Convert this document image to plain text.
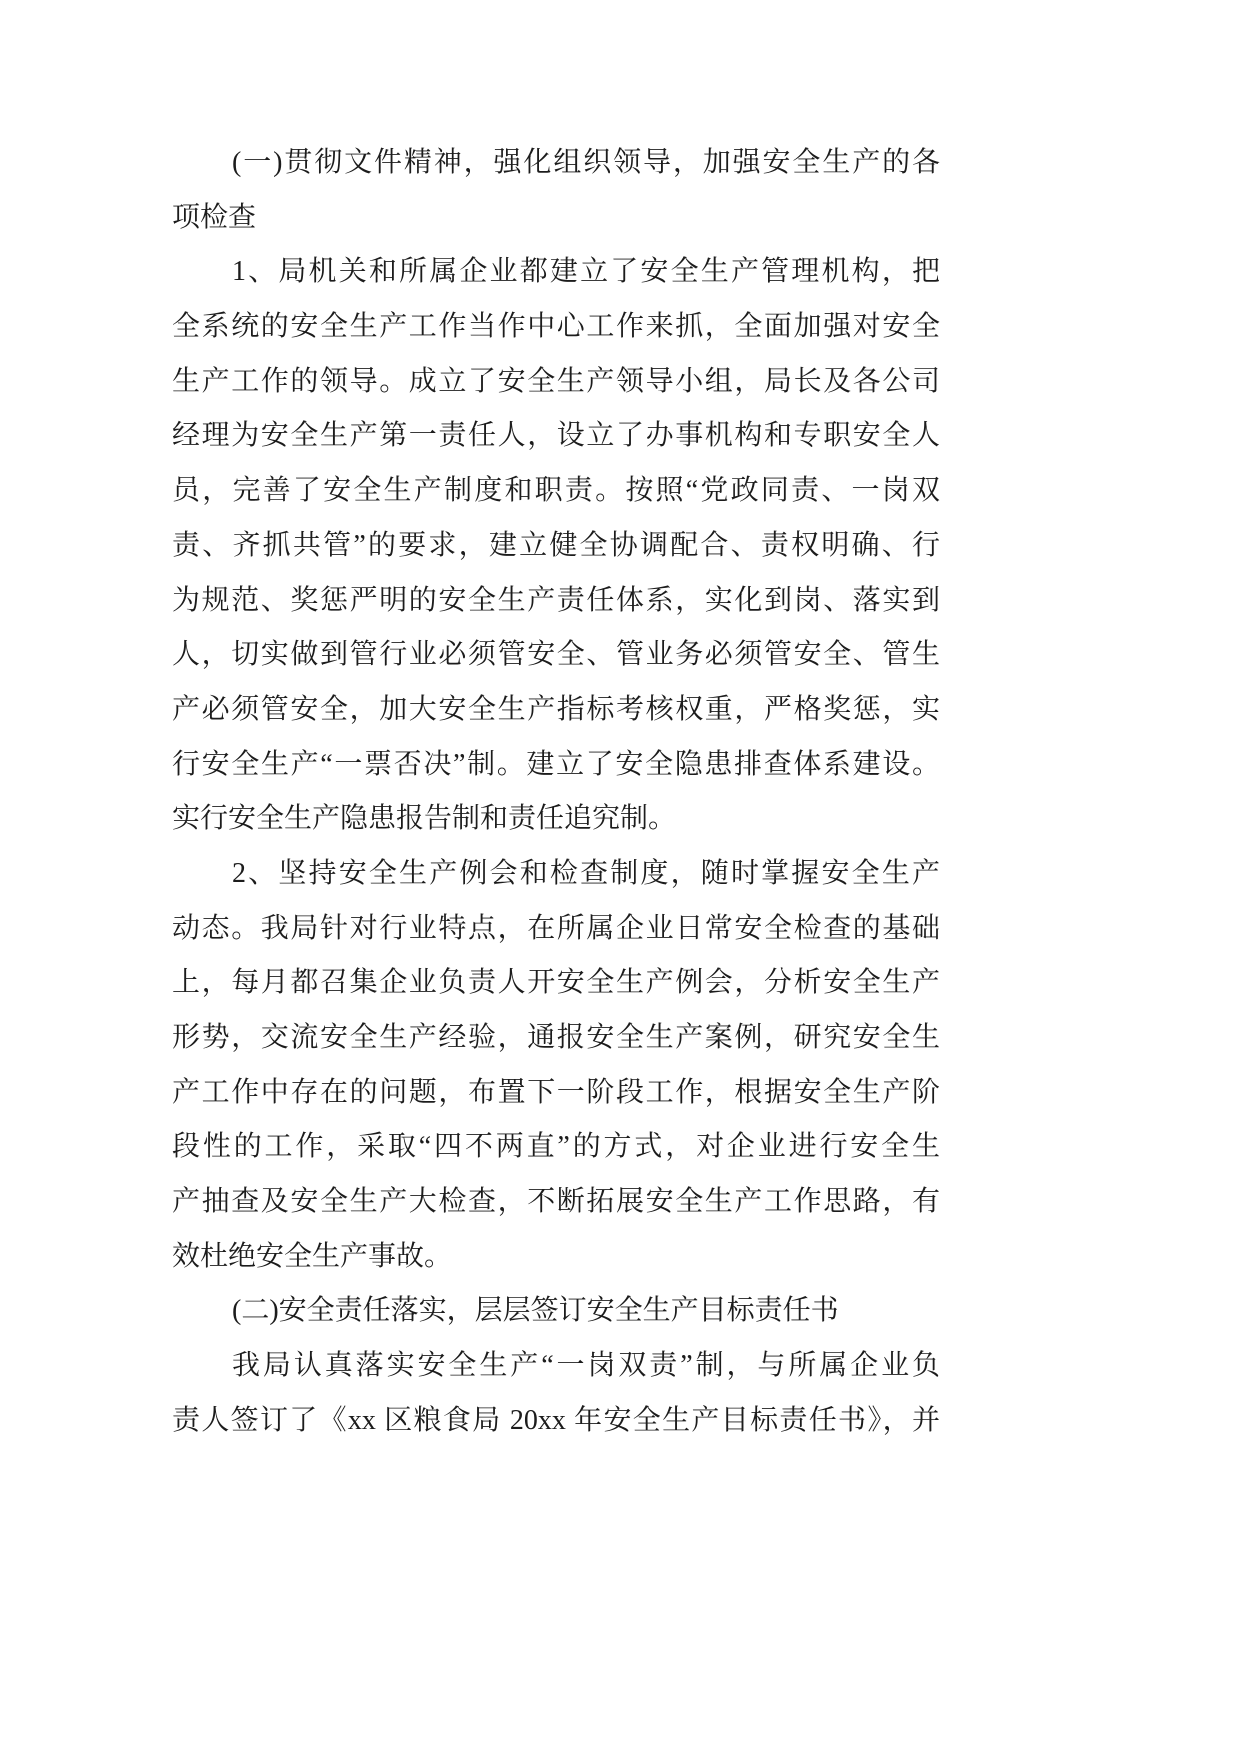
(一)贯彻文件精神，强化组织领导，加强安全生产的各
项检查
1、局机关和所属企业都建立了安全生产管理机构，把
全系统的安全生产工作当作中心工作来抓，全面加强对安全
生产工作的领导。成立了安全生产领导小组，局长及各公司
经理为安全生产第一责任人，设立了办事机构和专职安全人
员，完善了安全生产制度和职责。按照“党政同责、一岗双
责、齐抓共管”的要求，建立健全协调配合、责权明确、行
为规范、奖惩严明的安全生产责任体系，实化到岗、落实到
人，切实做到管行业必须管安全、管业务必须管安全、管生
产必须管安全，加大安全生产指标考核权重，严格奖惩，实
行安全生产“一票否决”制。建立了安全隐患排查体系建设。
实行安全生产隐患报告制和责任追究制。
2、坚持安全生产例会和检查制度，随时掌握安全生产
动态。我局针对行业特点，在所属企业日常安全检查的基础
上，每月都召集企业负责人开安全生产例会，分析安全生产
形势，交流安全生产经验，通报安全生产案例，研究安全生
产工作中存在的问题，布置下一阶段工作，根据安全生产阶
段性的工作，采取“四不两直”的方式，对企业进行安全生
产抽查及安全生产大检查，不断拓展安全生产工作思路，有
效杜绝安全生产事故。
(二)安全责任落实，层层签订安全生产目标责任书
我局认真落实安全生产“一岗双责”制，与所属企业负
责人签订了《xx 区粮食局 20xx 年安全生产目标责任书》，并
